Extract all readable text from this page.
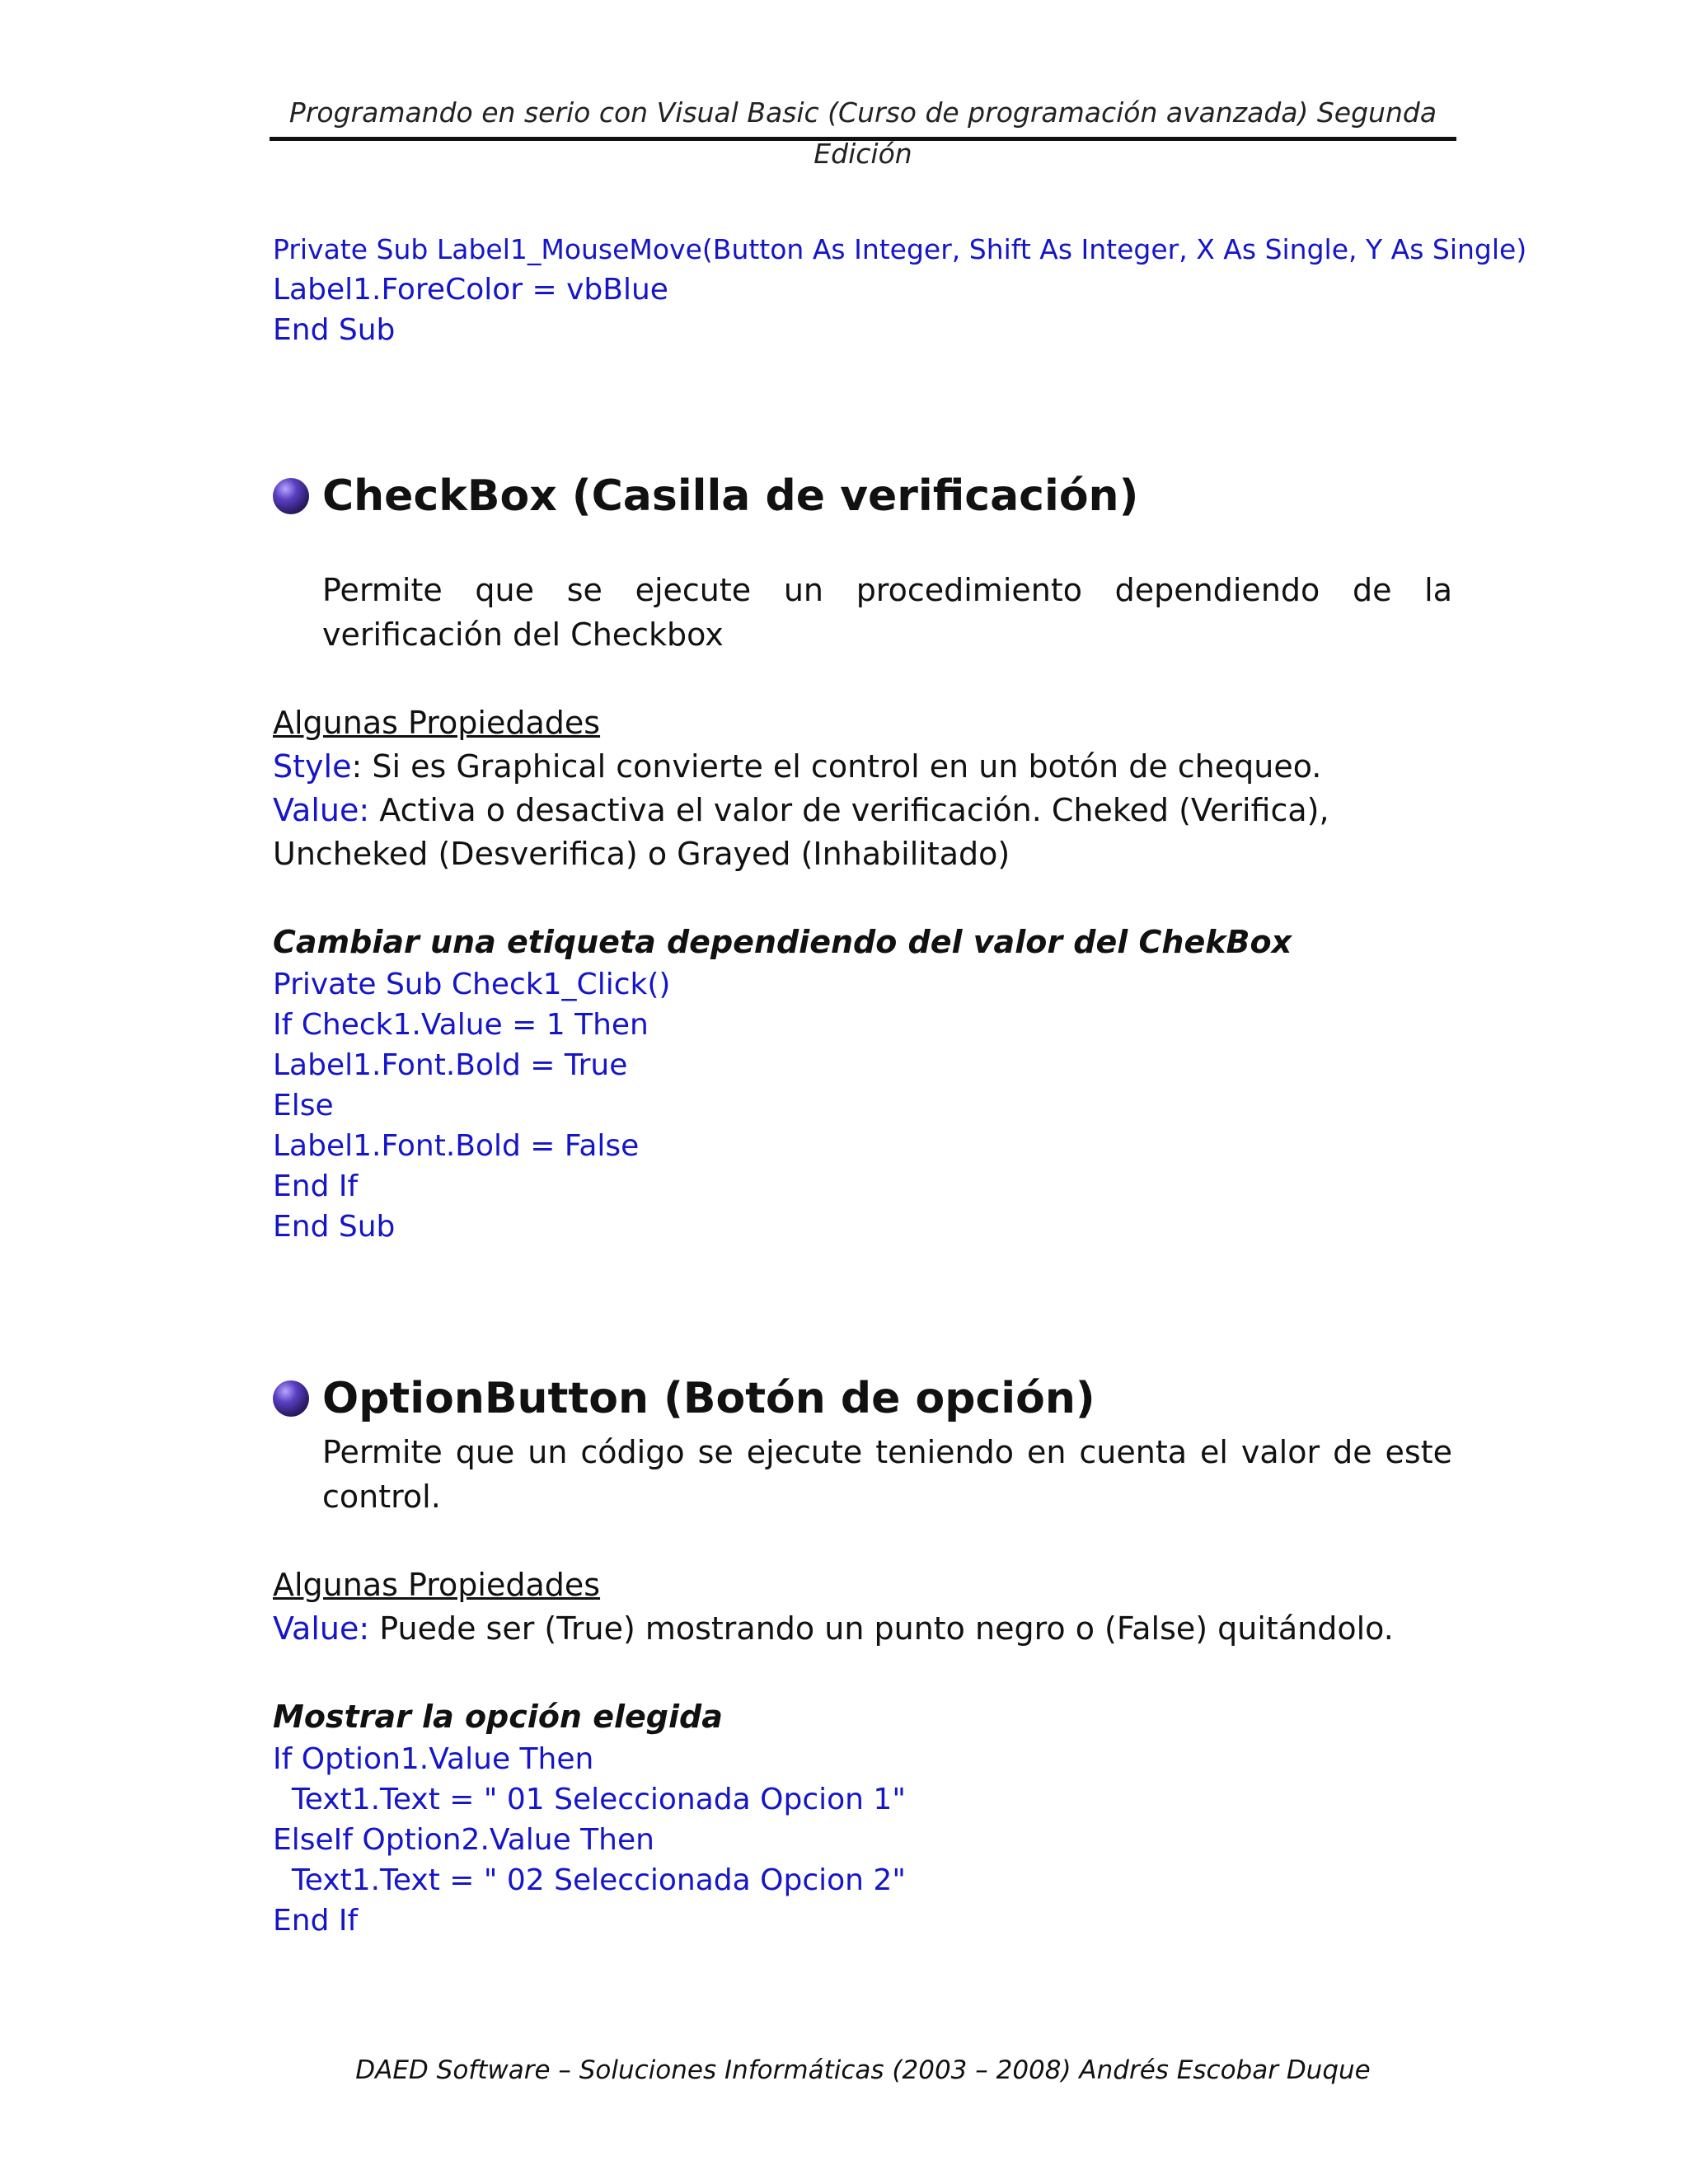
Programando en serio con Visual Basic (Curso de programación avanzada) Segunda Edición
Private Sub Label1_MouseMove(Button As Integer, Shift As Integer, X As Single, Y As Single)
Label1.ForeColor = vbBlue
End Sub
CheckBox (Casilla de verificación)
Permite que se ejecute un procedimiento dependiendo de la verificación del Checkbox
Algunas Propiedades
Style: Si es Graphical convierte el control en un botón de chequeo.
Value: Activa o desactiva el valor de verificación. Cheked (Verifica), Uncheked (Desverifica) o Grayed (Inhabilitado)
Cambiar una etiqueta dependiendo del valor del ChekBox
Private Sub Check1_Click()
If Check1.Value = 1 Then
Label1.Font.Bold = True
Else
Label1.Font.Bold = False
End If
End Sub
OptionButton (Botón de opción)
Permite que un código se ejecute teniendo en cuenta el valor de este control.
Algunas Propiedades
Value: Puede ser (True) mostrando un punto negro o (False) quitándolo.
Mostrar la opción elegida
If Option1.Value Then
Text1.Text = " 01 Seleccionada Opcion 1"
ElseIf Option2.Value Then
Text1.Text = " 02 Seleccionada Opcion 2"
End If
DAED Software – Soluciones Informáticas (2003 – 2008) Andrés Escobar Duque
